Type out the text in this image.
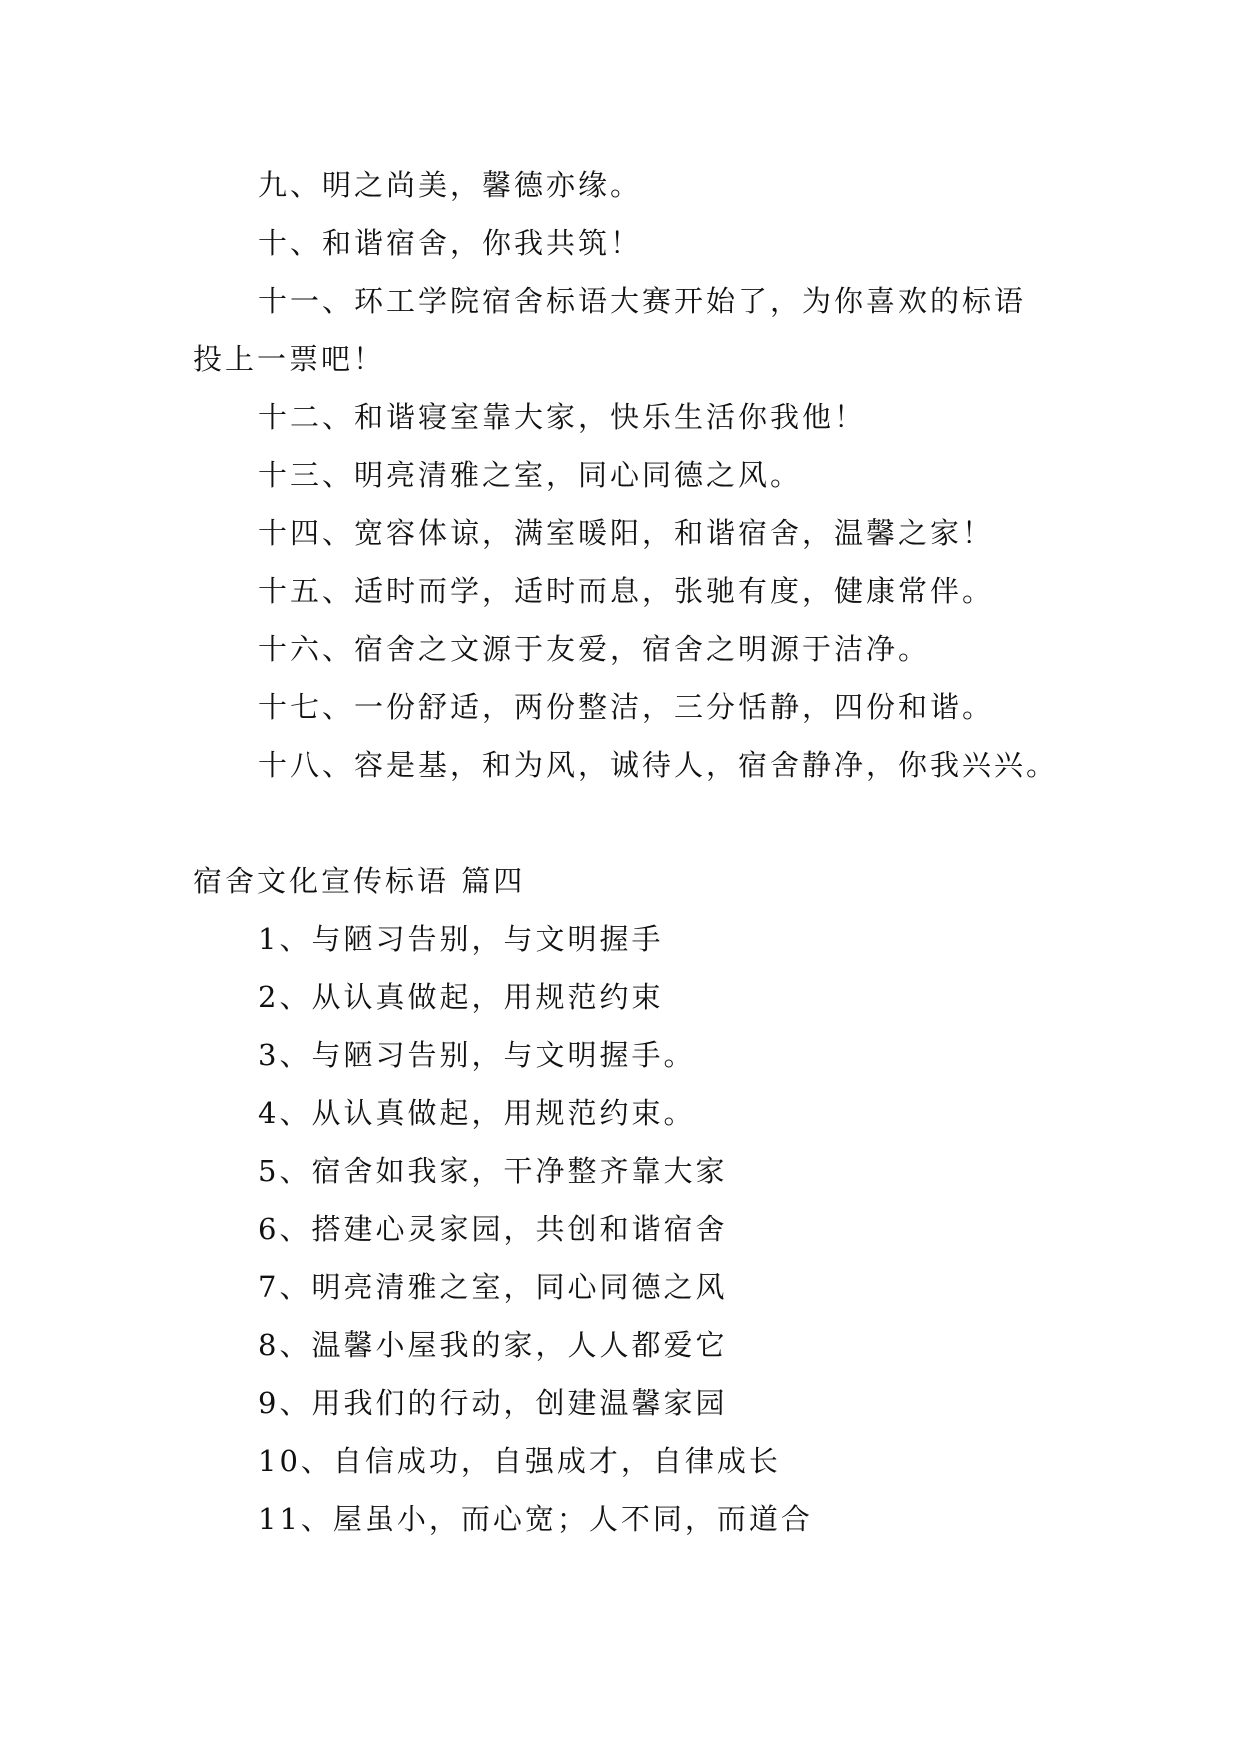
九、明之尚美，馨德亦缘。
十、和谐宿舍，你我共筑！
十一、环工学院宿舍标语大赛开始了，为你喜欢的标语
投上一票吧！
十二、和谐寝室靠大家，快乐生活你我他！
十三、明亮清雅之室，同心同德之风。
十四、宽容体谅，满室暖阳，和谐宿舍，温馨之家！
十五、适时而学，适时而息，张驰有度，健康常伴。
十六、宿舍之文源于友爱，宿舍之明源于洁净。
十七、一份舒适，两份整洁，三分恬静，四份和谐。
十八、容是基，和为风，诚待人，宿舍静净，你我兴兴。
宿舍文化宣传标语 篇四
1、与陋习告别，与文明握手
2、从认真做起，用规范约束
3、与陋习告别，与文明握手。
4、从认真做起，用规范约束。
5、宿舍如我家，干净整齐靠大家
6、搭建心灵家园，共创和谐宿舍
7、明亮清雅之室，同心同德之风
8、温馨小屋我的家，人人都爱它
9、用我们的行动，创建温馨家园
10、自信成功，自强成才，自律成长
11、屋虽小，而心宽；人不同，而道合
